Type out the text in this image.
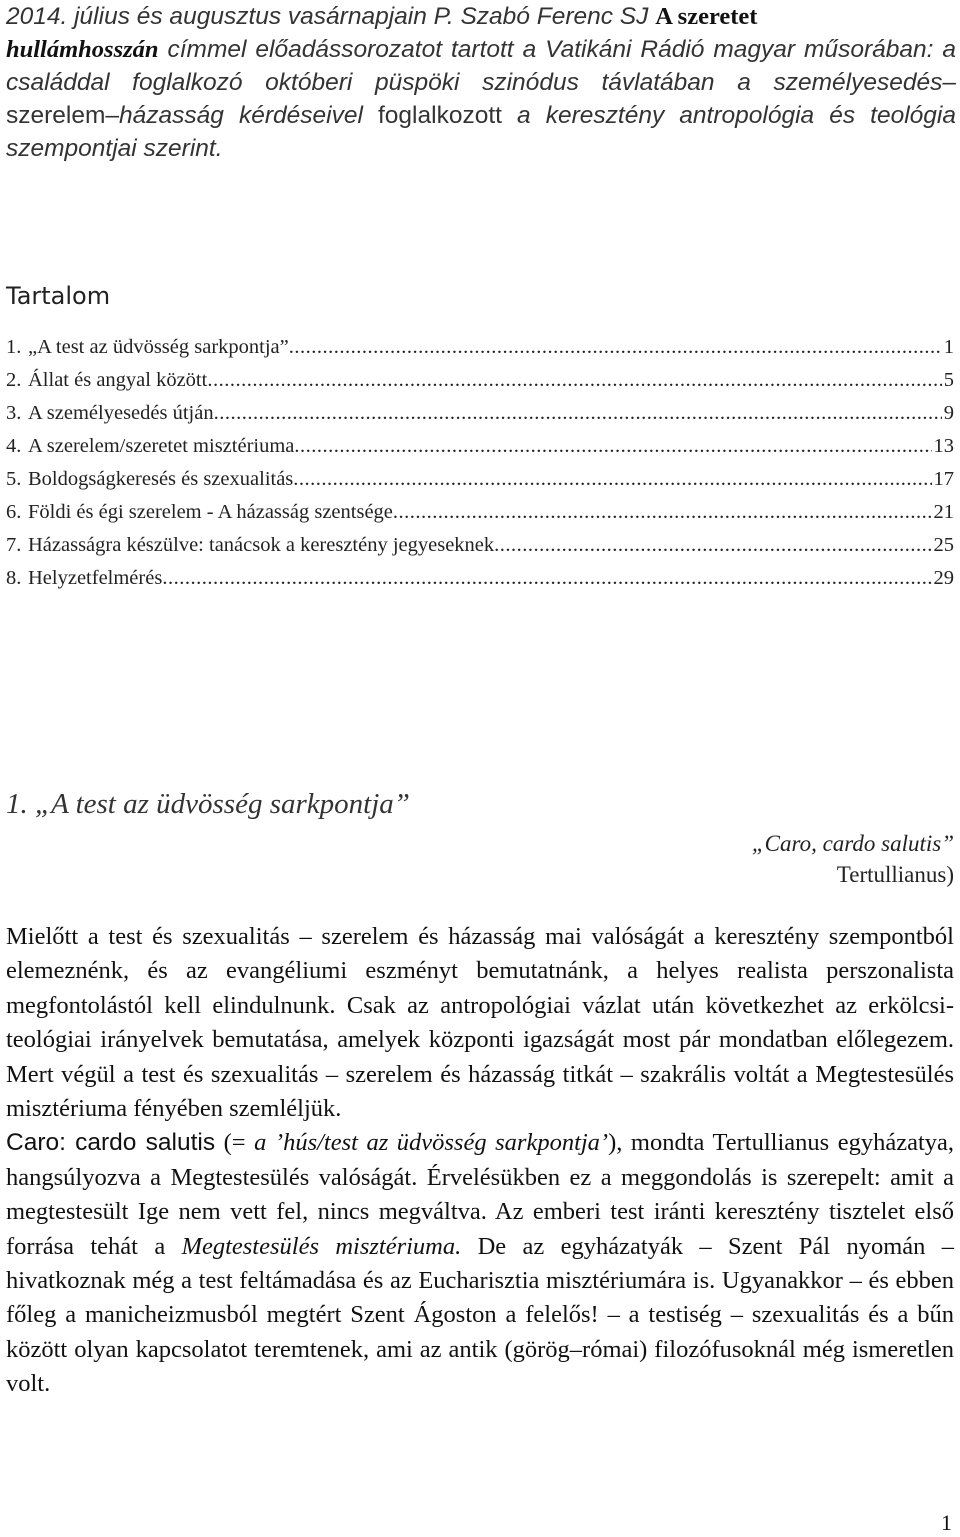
2014. július és augusztus vasárnapjain P. Szabó Ferenc SJ A szeretet
hullámhosszán címmel előadássorozatot tartott a Vatikáni Rádió magyar műsorában: a családdal foglalkozó októberi püspöki szinódus távlatában a személyesedés–szerelem–házasság kérdéseivel foglalkozott a keresztény antropológia és teológia szempontjai szerint.
Tartalom
1. „A test az üdvösség sarkpontja” .....	1
2. Állat és angyal között .....	5
3. A személyesedés útján .....	9
4. A szerelem/szeretet misztériuma .....	13
5. Boldogságkeresés és szexualitás .....	17
6. Földi és égi szerelem - A házasság szentsége .....	21
7. Házasságra készülve: tanácsok a keresztény jegyeseknek .....	25
8. Helyzetfelmérés .....	29
1. „A test az üdvösség sarkpontja”
„Caro, cardo salutis”
Tertullianus)

Mielőtt a test és szexualitás – szerelem és házasság mai valóságát a keresztény szempontból elemeznénk, és az evangéliumi eszményt bemutatnánk, a helyes realista perszonalista megfontolástól kell elindulnunk. Csak az antropológiai vázlat után következhet az erkölcsi-teológiai irányelvek bemutatása, amelyek központi igazságát most pár mondatban előlegezem. Mert végül a test és szexualitás – szerelem és házasság titkát – szakrális voltát a Megtestesülés misztériuma fényében szemléljük.

Caro: cardo salutis (= a ’hús/test az üdvösség sarkpontja’), mondta Tertullianus egyházatya, hangsúlyozva a Megtestesülés valóságát. Érvelésükben ez a meggondolás is szerepelt: amit a megtestesült Ige nem vett fel, nincs megváltva. Az emberi test iránti keresztény tisztelet első forrása tehát a Megtestesülés misztériuma. De az egyházatyák – Szent Pál nyomán – hivatkoznak még a test feltámadása és az Eucharisztia misztériumára is. Ugyanakkor – és ebben főleg a manicheizmusból megtért Szent Ágoston a felelős! – a testiség – szexualitás és a bűn között olyan kapcsolatot teremtenek, ami az antik (görög–római) filozófusoknál még ismeretlen volt.

1
